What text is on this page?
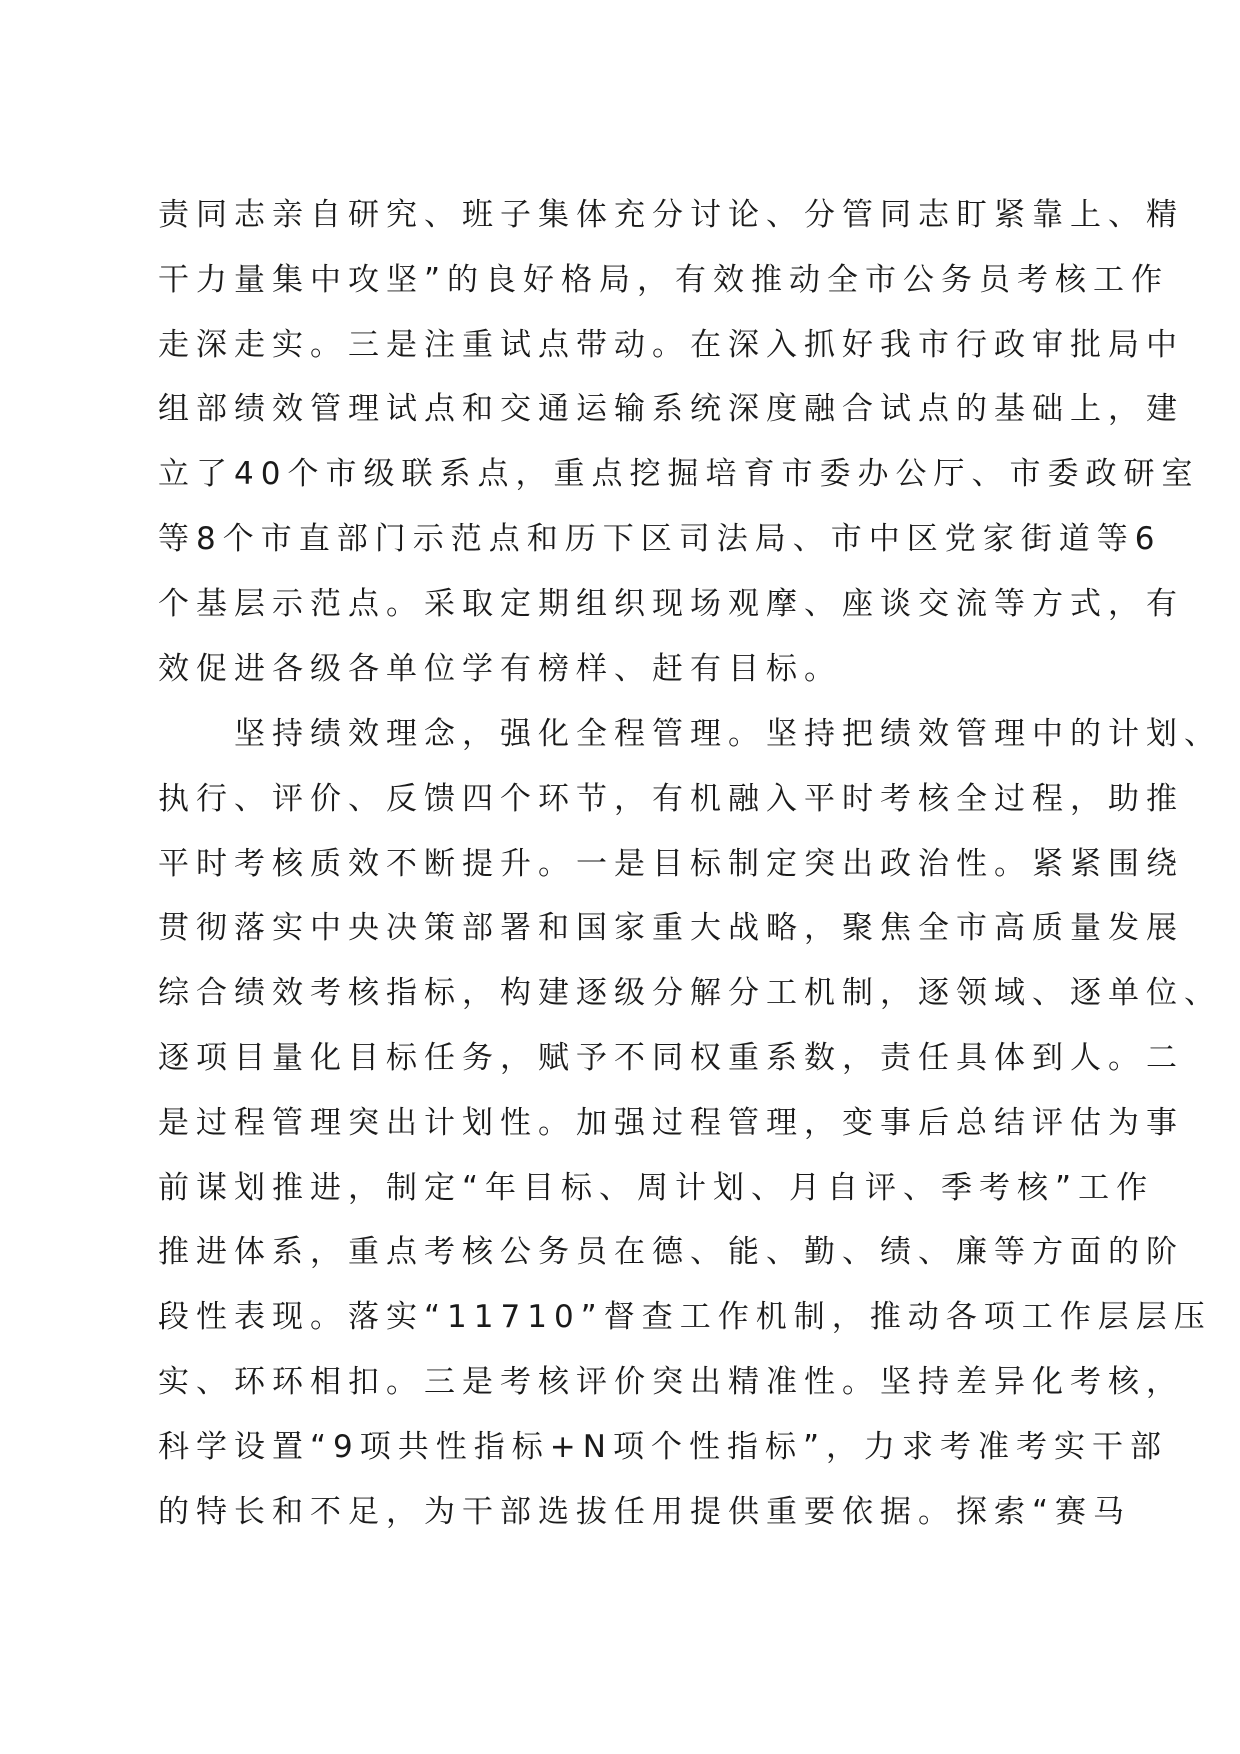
责同志亲自研究、班子集体充分讨论、分管同志盯紧靠上、精
干力量集中攻坚”的良好格局，有效推动全市公务员考核工作
走深走实。三是注重试点带动。在深入抓好我市行政审批局中
组部绩效管理试点和交通运输系统深度融合试点的基础上，建
立了40个市级联系点，重点挖掘培育市委办公厅、市委政研室
等8个市直部门示范点和历下区司法局、市中区党家街道等6
个基层示范点。采取定期组织现场观摩、座谈交流等方式，有
效促进各级各单位学有榜样、赶有目标。
　　坚持绩效理念，强化全程管理。坚持把绩效管理中的计划、
执行、评价、反馈四个环节，有机融入平时考核全过程，助推
平时考核质效不断提升。一是目标制定突出政治性。紧紧围绕
贯彻落实中央决策部署和国家重大战略，聚焦全市高质量发展
综合绩效考核指标，构建逐级分解分工机制，逐领域、逐单位、
逐项目量化目标任务，赋予不同权重系数，责任具体到人。二
是过程管理突出计划性。加强过程管理，变事后总结评估为事
前谋划推进，制定“年目标、周计划、月自评、季考核”工作
推进体系，重点考核公务员在德、能、勤、绩、廉等方面的阶
段性表现。落实“11710”督查工作机制，推动各项工作层层压
实、环环相扣。三是考核评价突出精准性。坚持差异化考核，
科学设置“9项共性指标+N项个性指标”，力求考准考实干部
的特长和不足，为干部选拔任用提供重要依据。探索“赛马
